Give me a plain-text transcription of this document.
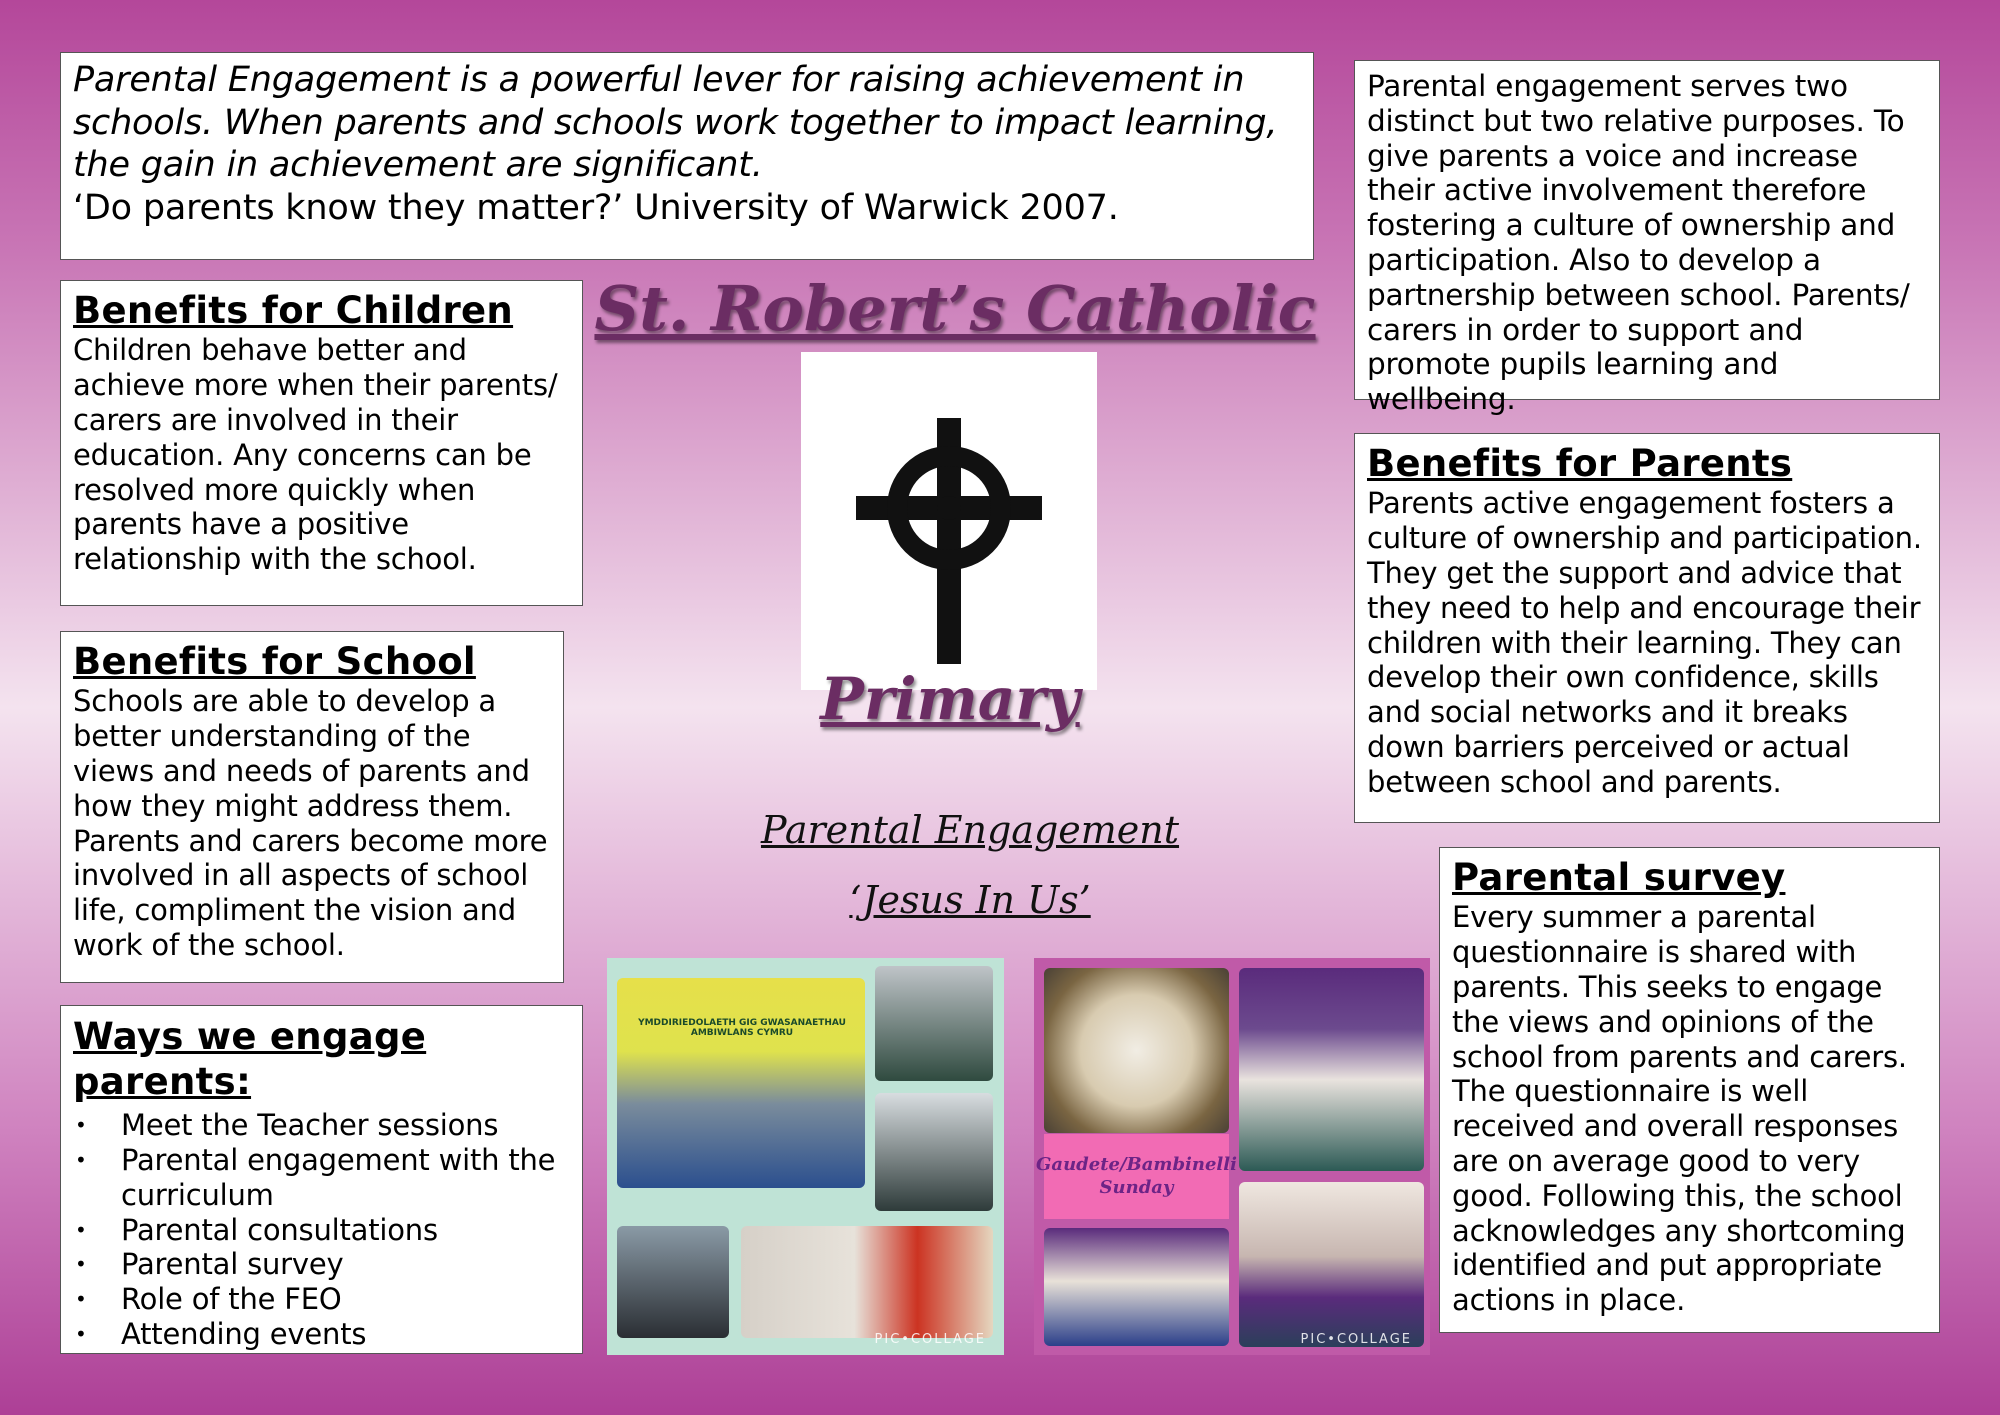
Parental Engagement is a powerful lever for raising achievement in schools. When parents and schools work together to impact learning, the gain in achievement are significant.

‘Do parents know they matter?’ University of Warwick 2007.

Parental engagement serves two distinct but two relative purposes. To give parents a voice and increase their active involvement therefore fostering a culture of ownership and participation. Also to develop a partnership between school. Parents/ carers in order to support and promote pupils learning and wellbeing.

Benefits for Children

Children behave better and achieve more when their parents/ carers are involved in their education. Any concerns can be resolved more quickly when parents have a positive relationship with the school.

Benefits for School

Schools are able to develop a better understanding of the views and needs of parents and how they might address them. Parents and carers become more involved in all aspects of school life, compliment the vision and work of the school.

Ways we engage parents:
• Meet the Teacher sessions
• Parental engagement with the curriculum
• Parental consultations
• Parental survey
• Role of the FEO
• Attending events
Benefits for Parents

Parents active engagement fosters a culture of ownership and participation. They get the support and advice that they need to help and encourage their children with their learning. They can develop their own confidence, skills and social networks and it breaks down barriers perceived or actual between school and parents.

Parental survey

Every summer a parental questionnaire is shared with parents. This seeks to engage the views and opinions of the school from parents and carers. The questionnaire is well received and overall responses are on average good to very good. Following this, the school acknowledges any shortcoming identified and put appropriate actions in place.

St. Robert’s Catholic
Primary
Parental Engagement
‘Jesus In Us’
YMDDIRIEDOLAETH GIG GWASANAETHAU AMBIWLANS CYMRU
PIC•COLLAGE
Gaudete/Bambinelli
Sunday
PIC•COLLAGE
